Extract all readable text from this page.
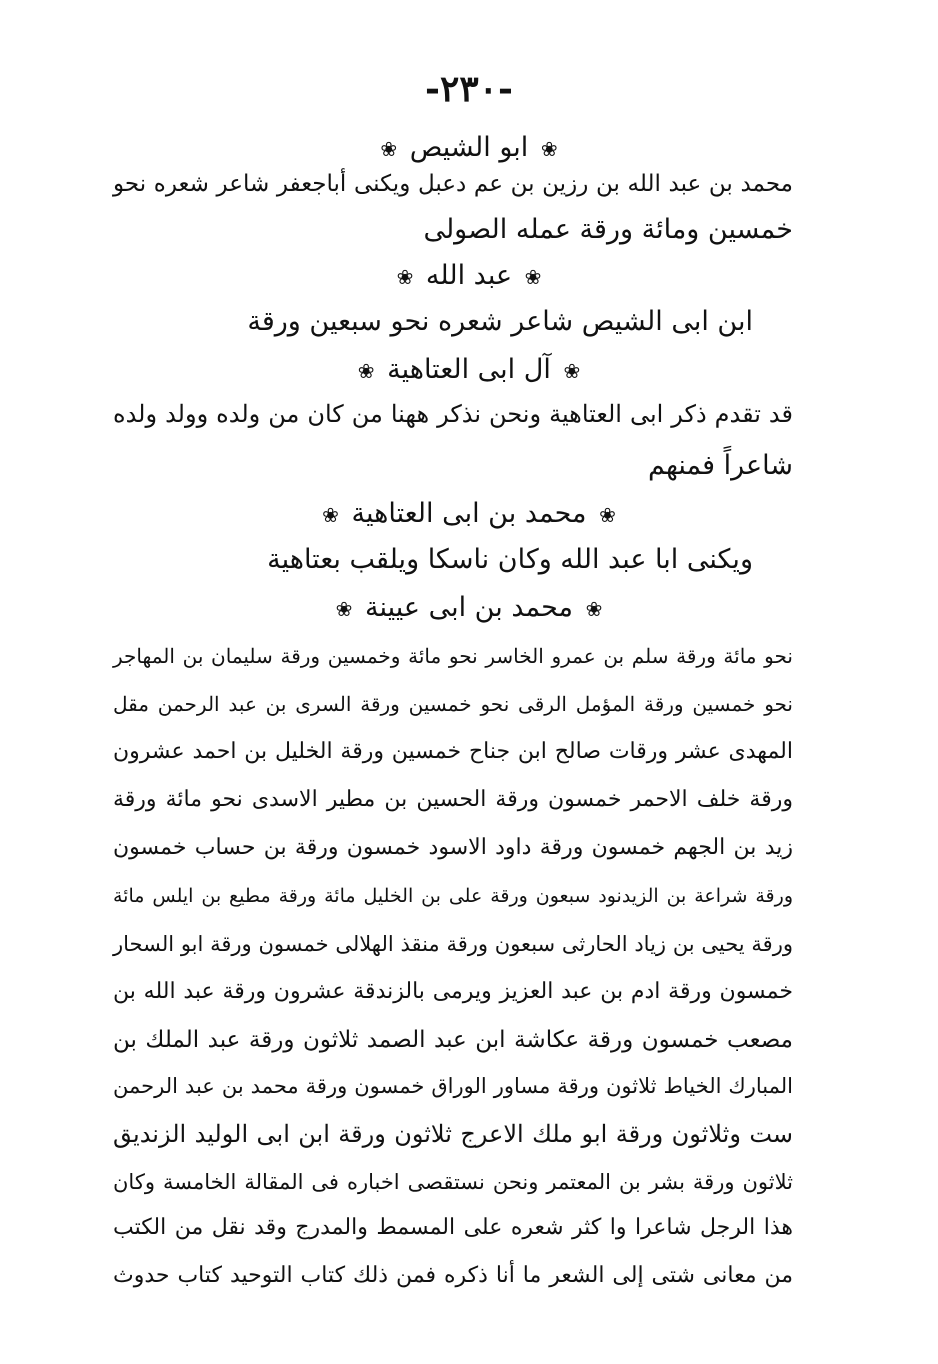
-٢٣٠-
❀ ابو الشيص ❀
محمد بن عبد الله بن رزين بن عم دعبل ويكنى أباجعفر شاعر شعره نحو
خمسين ومائة ورقة عمله الصولى
❀ عبد الله ❀
ابن ابى الشيص شاعر شعره نحو سبعين ورقة
❀ آل ابى العتاهية ❀
قد تقدم ذكر ابى العتاهية ونحن نذكر ههنا من كان من ولده وولد ولده
شاعراً فمنهم
❀ محمد بن ابى العتاهية ❀
ويكنى ابا عبد الله وكان ناسكا ويلقب بعتاهية
❀ محمد بن ابى عيينة ❀
نحو مائة ورقة سلم بن عمرو الخاسر نحو مائة وخمسين ورقة سليمان بن المهاجر
نحو خمسين ورقة المؤمل الرقى نحو خمسين ورقة السرى بن عبد الرحمن مقل
المهدى عشر ورقات صالح ابن جناح خمسين ورقة الخليل بن احمد عشرون
ورقة خلف الاحمر خمسون ورقة الحسين بن مطير الاسدى نحو مائة ورقة
زيد بن الجهم خمسون ورقة داود الاسود خمسون ورقة بن حساب خمسون
ورقة شراعة بن الزيدنود سبعون ورقة على بن الخليل مائة ورقة مطيع بن ايلس مائة
ورقة يحيى بن زياد الحارثى سبعون ورقة منقذ الهلالى خمسون ورقة ابو السحار
خمسون ورقة ادم بن عبد العزيز ويرمى بالزندقة عشرون ورقة عبد الله بن
مصعب خمسون ورقة عكاشة ابن عبد الصمد ثلاثون ورقة عبد الملك بن
المبارك الخياط ثلاثون ورقة مساور الوراق خمسون ورقة محمد بن عبد الرحمن
ست وثلاثون ورقة ابو ملك الاعرج ثلاثون ورقة ابن ابى الوليد الزنديق
ثلاثون ورقة بشر بن المعتمر ونحن نستقصى اخباره فى المقالة الخامسة وكان
هذا الرجل شاعرا وا كثر شعره على المسمط والمدرج وقد نقل من الكتب
من معانى شتى إلى الشعر ما أنا ذكره فمن ذلك كتاب التوحيد كتاب حدوث
